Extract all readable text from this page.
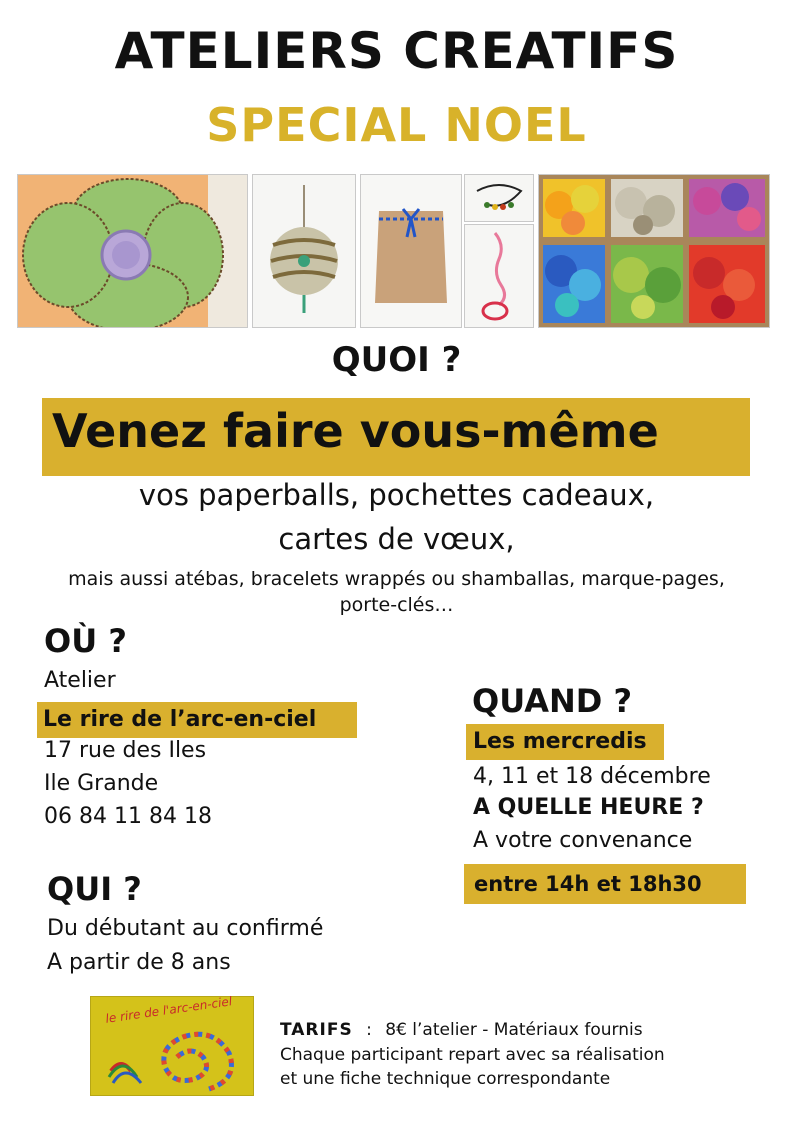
ATELIERS CREATIFS
SPECIAL NOEL
QUOI ?
Venez faire vous-même
vos paperballs, pochettes cadeaux,
cartes de vœux,
mais aussi atébas, bracelets wrappés ou shamballas, marque-pages, porte-clés…
OÙ ?
Atelier
Le rire de l’arc-en-ciel
17 rue des Iles
Ile Grande
06 84 11 84 18
QUAND ?
Les mercredis
4, 11 et 18 décembre
A QUELLE HEURE ?
A votre convenance
entre 14h et 18h30
QUI ?
Du débutant au confirmé
A partir de 8 ans
le rire de l'arc-en-ciel
TARIFS : 8€ l’atelier - Matériaux fournis
Chaque participant repart avec sa réalisation
et une fiche technique correspondante
